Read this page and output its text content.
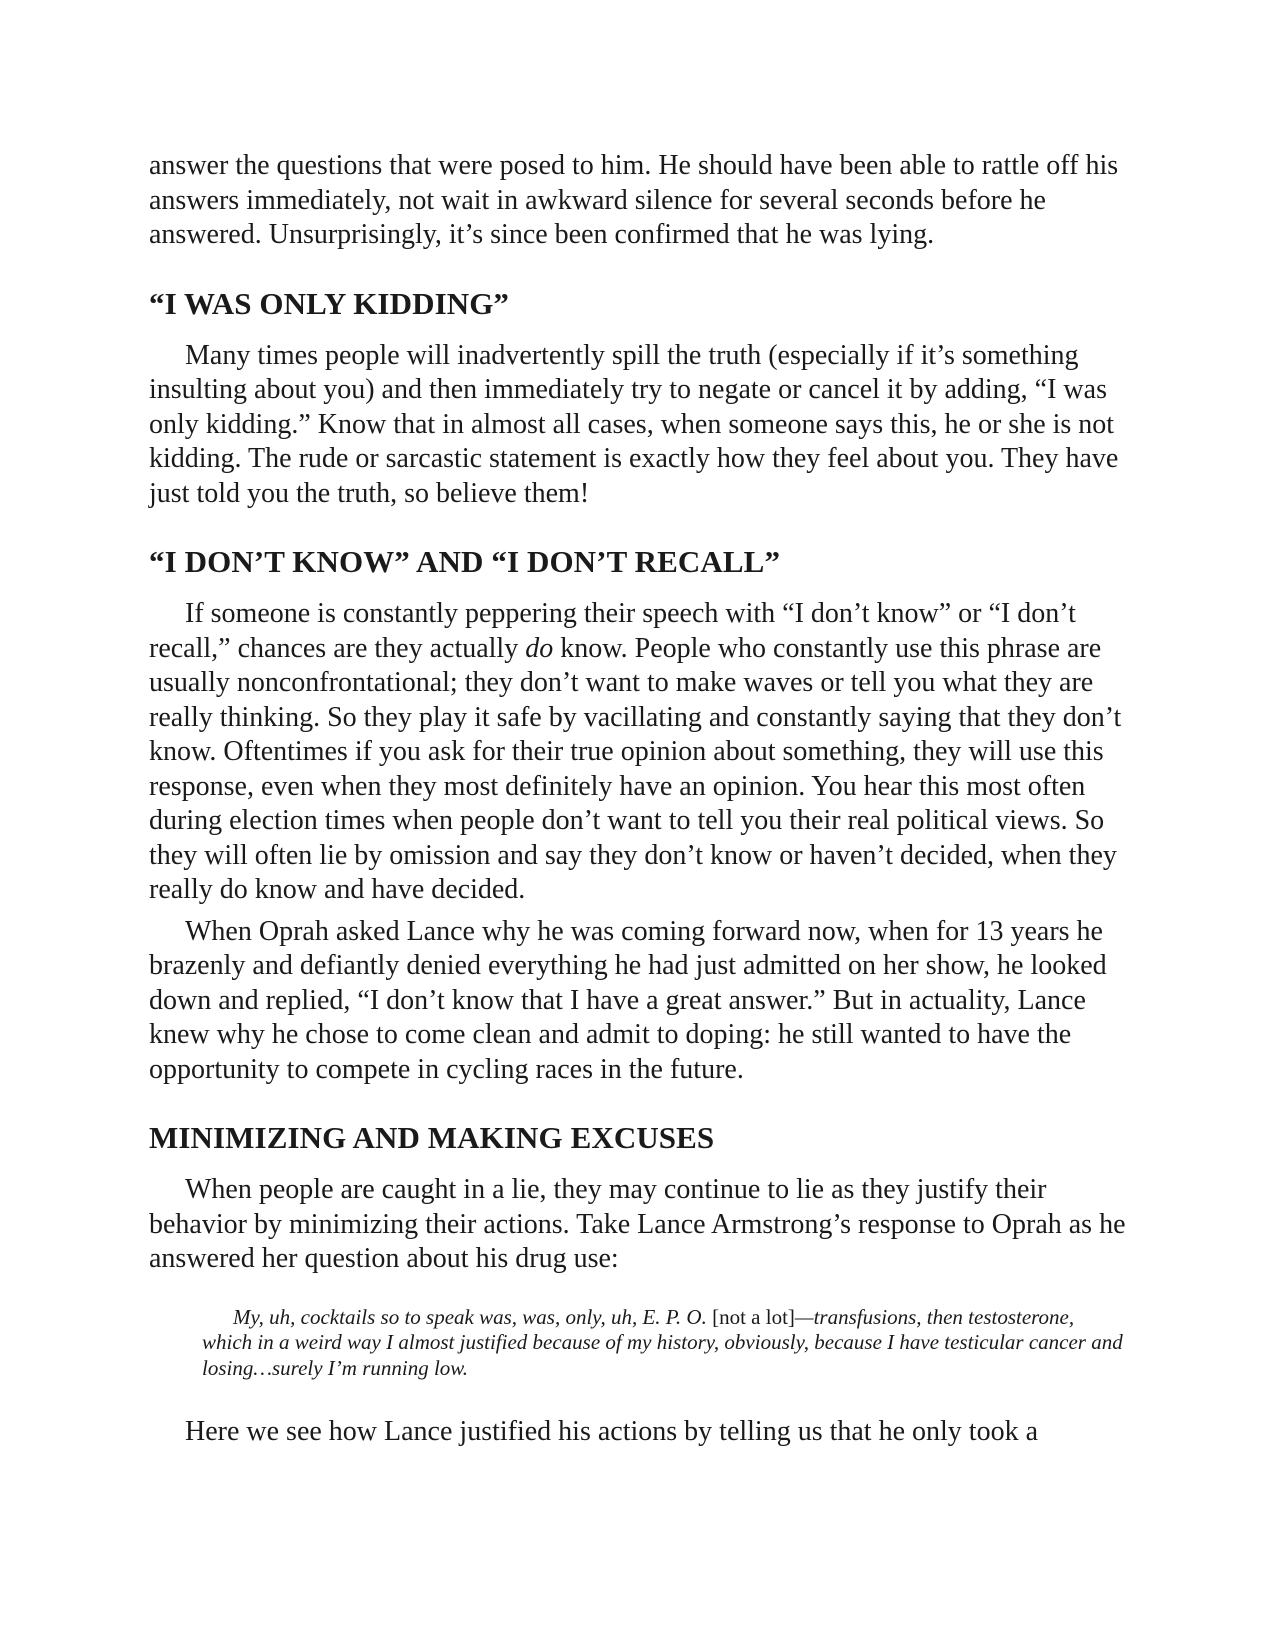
answer the questions that were posed to him. He should have been able to rattle off his answers immediately, not wait in awkward silence for several seconds before he answered. Unsurprisingly, it’s since been confirmed that he was lying.

“I WAS ONLY KIDDING”

Many times people will inadvertently spill the truth (especially if it’s something insulting about you) and then immediately try to negate or cancel it by adding, “I was only kidding.” Know that in almost all cases, when someone says this, he or she is not kidding. The rude or sarcastic statement is exactly how they feel about you. They have just told you the truth, so believe them!

“I DON’T KNOW” AND “I DON’T RECALL”

If someone is constantly peppering their speech with “I don’t know” or “I don’t recall,” chances are they actually do know. People who constantly use this phrase are usually nonconfrontational; they don’t want to make waves or tell you what they are really thinking. So they play it safe by vacillating and constantly saying that they don’t know. Oftentimes if you ask for their true opinion about something, they will use this response, even when they most definitely have an opinion. You hear this most often during election times when people don’t want to tell you their real political views. So they will often lie by omission and say they don’t know or haven’t decided, when they really do know and have decided.

When Oprah asked Lance why he was coming forward now, when for 13 years he brazenly and defiantly denied everything he had just admitted on her show, he looked down and replied, “I don’t know that I have a great answer.” But in actuality, Lance knew why he chose to come clean and admit to doping: he still wanted to have the opportunity to compete in cycling races in the future.

MINIMIZING AND MAKING EXCUSES

When people are caught in a lie, they may continue to lie as they justify their behavior by minimizing their actions. Take Lance Armstrong’s response to Oprah as he answered her question about his drug use:

My, uh, cocktails so to speak was, was, only, uh, E. P. O. [not a lot]—transfusions, then testosterone, which in a weird way I almost justified because of my history, obviously, because I have testicular cancer and losing…surely I’m running low.

Here we see how Lance justified his actions by telling us that he only took a
